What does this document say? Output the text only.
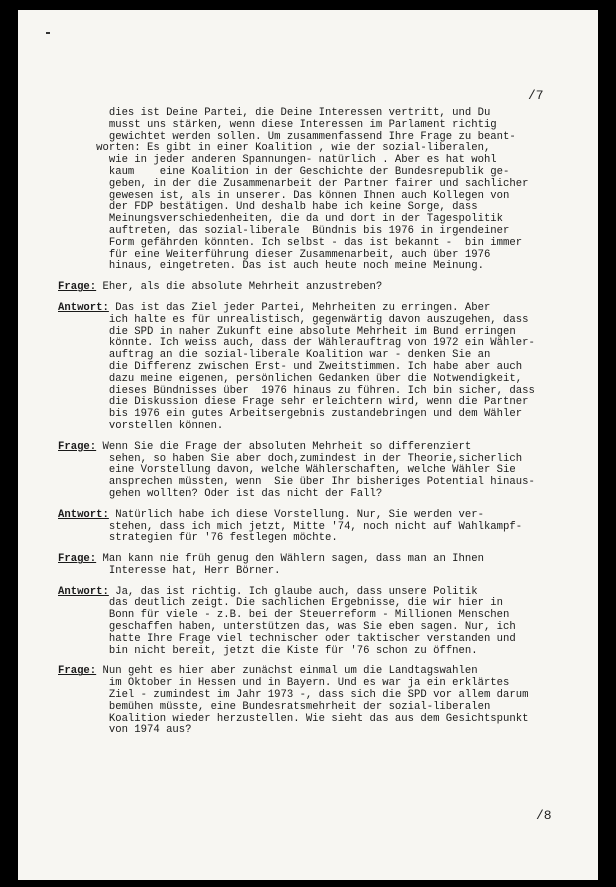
/7
dies ist Deine Partei, die Deine Interessen vertritt, und Du
musst uns stärken, wenn diese Interessen im Parlament richtig
gewichtet werden sollen. Um zusammenfassend Ihre Frage zu beant-
worten: Es gibt in einer Koalition , wie der sozial-liberalen,
wie in jeder anderen Spannungen- natürlich . Aber es hat wohl
kaum    eine Koalition in der Geschichte der Bundesrepublik ge-
geben, in der die Zusammenarbeit der Partner fairer und sachlicher
gewesen ist, als in unserer. Das können Ihnen auch Kollegen von
der FDP bestätigen. Und deshalb habe ich keine Sorge, dass
Meinungsverschiedenheiten, die da und dort in der Tagespolitik
auftreten, das sozial-liberale  Bündnis bis 1976 in irgendeiner
Form gefährden könnten. Ich selbst - das ist bekannt -  bin immer
für eine Weiterführung dieser Zusammenarbeit, auch über 1976
hinaus, eingetreten. Das ist auch heute noch meine Meinung.
Frage: Eher, als die absolute Mehrheit anzustreben?
Antwort: Das ist das Ziel jeder Partei, Mehrheiten zu erringen. Aber
ich halte es für unrealistisch, gegenwärtig davon auszugehen, dass
die SPD in naher Zukunft eine absolute Mehrheit im Bund erringen
könnte. Ich weiss auch, dass der Wählerauftrag von 1972 ein Wähler-
auftrag an die sozial-liberale Koalition war - denken Sie an
die Differenz zwischen Erst- und Zweitstimmen. Ich habe aber auch
dazu meine eigenen, persönlichen Gedanken über die Notwendigkeit,
dieses Bündnisses über  1976 hinaus zu führen. Ich bin sicher, dass
die Diskussion diese Frage sehr erleichtern wird, wenn die Partner
bis 1976 ein gutes Arbeitsergebnis zustandebringen und dem Wähler
vorstellen können.
Frage: Wenn Sie die Frage der absoluten Mehrheit so differenziert
sehen, so haben Sie aber doch,zumindest in der Theorie,sicherlich
eine Vorstellung davon, welche Wählerschaften, welche Wähler Sie
ansprechen müssten, wenn  Sie über Ihr bisheriges Potential hinaus-
gehen wollten? Oder ist das nicht der Fall?
Antwort: Natürlich habe ich diese Vorstellung. Nur, Sie werden ver-
stehen, dass ich mich jetzt, Mitte '74, noch nicht auf Wahlkampf-
strategien für '76 festlegen möchte.
Frage: Man kann nie früh genug den Wählern sagen, dass man an Ihnen
Interesse hat, Herr Börner.
Antwort: Ja, das ist richtig. Ich glaube auch, dass unsere Politik
das deutlich zeigt. Die sachlichen Ergebnisse, die wir hier in
Bonn für viele - z.B. bei der Steuerreform - Millionen Menschen
geschaffen haben, unterstützen das, was Sie eben sagen. Nur, ich
hatte Ihre Frage viel technischer oder taktischer verstanden und
bin nicht bereit, jetzt die Kiste für '76 schon zu öffnen.
Frage: Nun geht es hier aber zunächst einmal um die Landtagswahlen
im Oktober in Hessen und in Bayern. Und es war ja ein erklärtes
Ziel - zumindest im Jahr 1973 -, dass sich die SPD vor allem darum
bemühen müsste, eine Bundesratsmehrheit der sozial-liberalen
Koalition wieder herzustellen. Wie sieht das aus dem Gesichtspunkt
von 1974 aus?
/8
